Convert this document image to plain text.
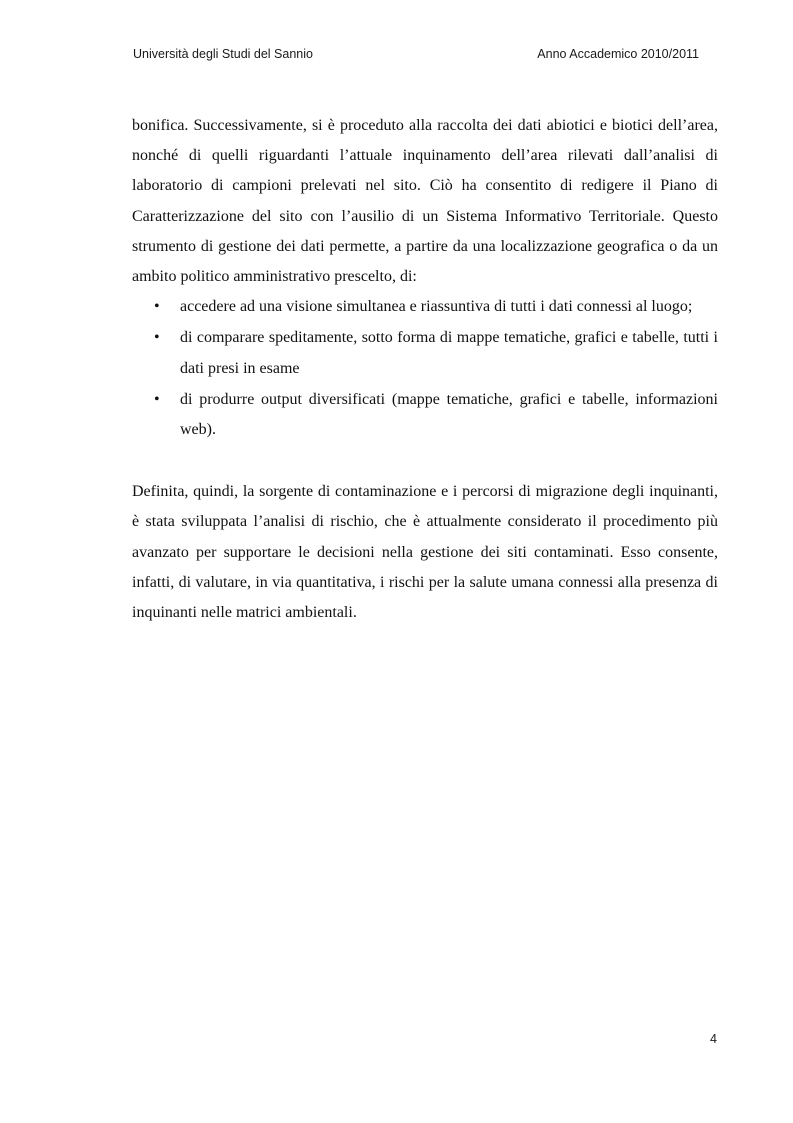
Università degli Studi del Sannio	Anno Accademico 2010/2011

bonifica. Successivamente, si è proceduto alla raccolta dei dati abiotici e biotici dell’area, nonché di quelli riguardanti l’attuale inquinamento dell’area rilevati dall’analisi di laboratorio di campioni prelevati nel sito. Ciò ha consentito di redigere il Piano di Caratterizzazione del sito con l’ausilio di un Sistema Informativo Territoriale. Questo strumento di gestione dei dati permette, a partire da una localizzazione geografica o da un ambito politico amministrativo prescelto, di:

• accedere ad una visione simultanea e riassuntiva di tutti i dati connessi al luogo;
• di comparare speditamente, sotto forma di mappe tematiche, grafici e tabelle, tutti i dati presi in esame
• di produrre output diversificati (mappe tematiche, grafici e tabelle, informazioni web).

Definita, quindi, la sorgente di contaminazione e i percorsi di migrazione degli inquinanti, è stata sviluppata l’analisi di rischio, che è attualmente considerato il procedimento più avanzato per supportare le decisioni nella gestione dei siti contaminati. Esso consente, infatti, di valutare, in via quantitativa, i rischi per la salute umana connessi alla presenza di inquinanti nelle matrici ambientali.

4
